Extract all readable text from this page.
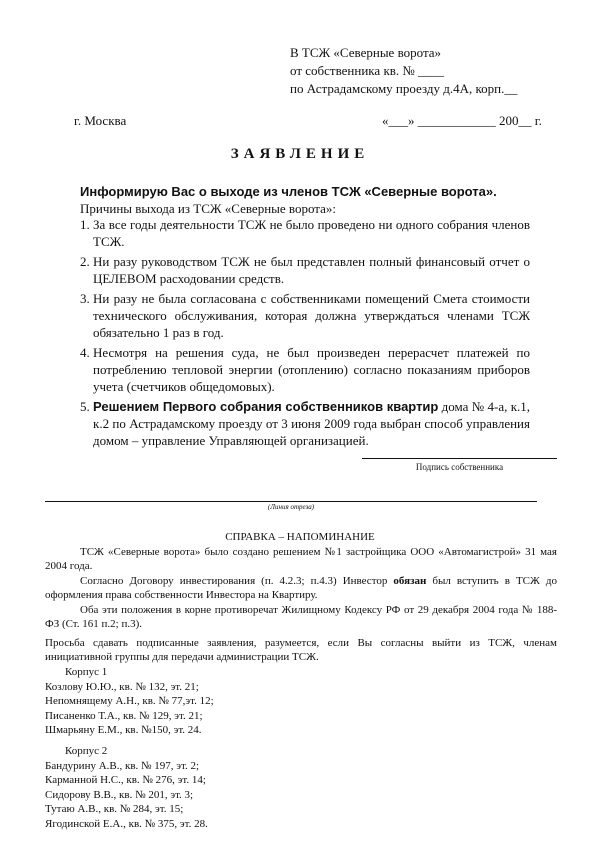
В ТСЖ «Северные ворота»
от собственника кв. № ____
по Астрадамскому проезду д.4А, корп.__
г. Москва	«___» ____________ 200__ г.
ЗАЯВЛЕНИЕ
Информирую Вас о выходе из членов ТСЖ «Северные ворота».
Причины выхода из ТСЖ «Северные ворота»:
1. За все годы деятельности ТСЖ не было проведено ни одного собрания членов ТСЖ.
2. Ни разу руководством ТСЖ не был представлен полный финансовый отчет о ЦЕЛЕВОМ расходовании средств.
3. Ни разу не была согласована с собственниками помещений Смета стоимости технического обслуживания, которая должна утверждаться членами ТСЖ обязательно 1 раз в год.
4. Несмотря на решения суда, не был произведен перерасчет платежей по потреблению тепловой энергии (отоплению) согласно показаниям приборов учета (счетчиков общедомовых).
5. Решением Первого собрания собственников квартир дома № 4-а, к.1, к.2 по Астрадамскому проезду от 3 июня 2009 года выбран способ управления домом – управление Управляющей организацией.
Подпись собственника
(Линия отреза)
СПРАВКА – НАПОМИНАНИЕ
ТСЖ «Северные ворота» было создано решением №1 застройщика ООО «Автомагистрой» 31 мая 2004 года.
Согласно Договору инвестирования (п. 4.2.3; п.4.3) Инвестор обязан был вступить в ТСЖ до оформления права собственности Инвестора на Квартиру.
Оба эти положения в корне противоречат Жилищному Кодексу РФ от 29 декабря 2004 года № 188-ФЗ (Ст. 161 п.2; п.3).
Просьба сдавать подписанные заявления, разумеется, если Вы согласны выйти из ТСЖ, членам инициативной группы для передачи администрации ТСЖ.
Корпус 1
Козлову Ю.Ю., кв. № 132, эт. 21;
Непомнящему А.Н., кв. № 77,эт. 12;
Писаненко Т.А., кв. № 129, эт. 21;
Шмарьяну Е.М., кв. №150, эт. 24.
Корпус 2
Бандурину А.В., кв. № 197, эт. 2;
Карманной Н.С., кв. № 276, эт. 14;
Сидорову В.В., кв. № 201, эт. 3;
Тутаю А.В., кв. № 284, эт. 15;
Ягодинской Е.А., кв. № 375, эт. 28.
